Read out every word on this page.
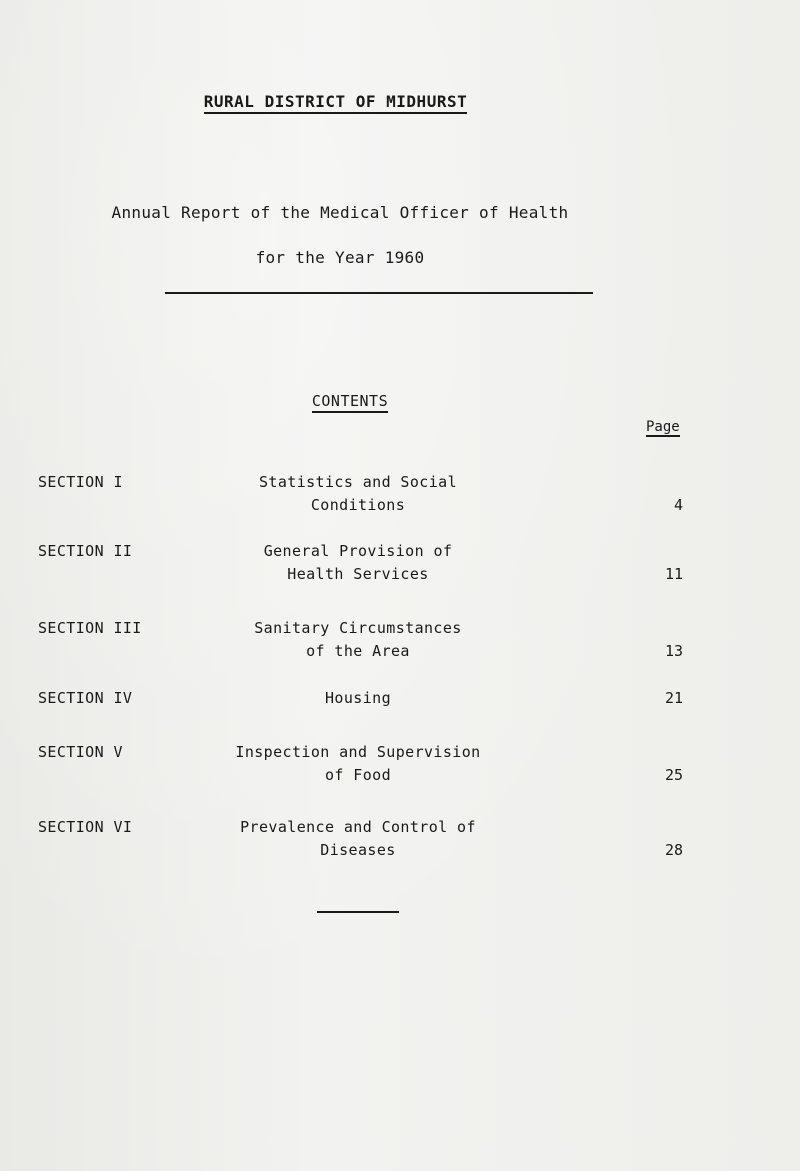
RURAL DISTRICT OF MIDHURST
Annual Report of the Medical Officer of Health
for the Year 1960
CONTENTS
Page
SECTION I	Statistics and Social
Conditions	4
SECTION II	General Provision of
Health Services	11
SECTION III	Sanitary Circumstances
of the Area	13
SECTION IV	Housing	21
SECTION V	Inspection and Supervision
of Food	25
SECTION VI	Prevalence and Control of
Diseases	28
